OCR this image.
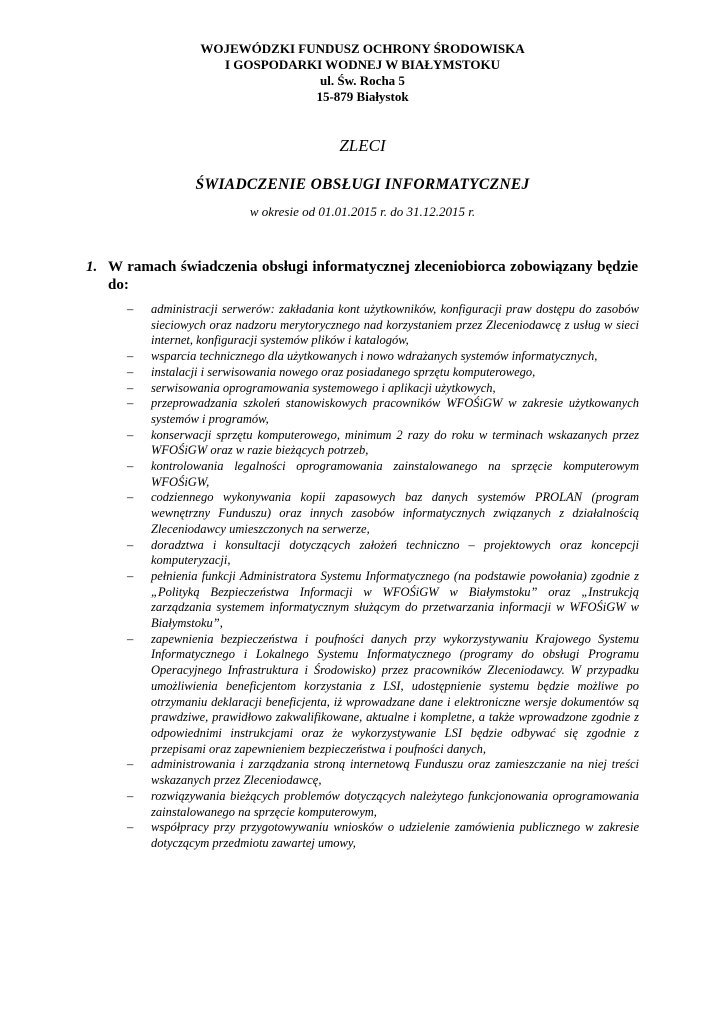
WOJEWÓDZKI FUNDUSZ OCHRONY ŚRODOWISKA
I GOSPODARKI WODNEJ W BIAŁYMSTOKU
ul. Św. Rocha 5
15-879 Białystok
ZLECI
ŚWIADCZENIE OBSŁUGI INFORMATYCZNEJ
w okresie od 01.01.2015 r. do 31.12.2015 r.
1. W ramach świadczenia obsługi informatycznej zleceniobiorca zobowiązany będzie do:
– administracji serwerów: zakładania kont użytkowników, konfiguracji praw dostępu do zasobów sieciowych oraz nadzoru merytorycznego nad korzystaniem przez Zleceniodawcę z usług w sieci internet, konfiguracji systemów plików i katalogów,
– wsparcia technicznego dla użytkowanych i nowo wdrażanych systemów informatycznych,
– instalacji i serwisowania nowego oraz posiadanego sprzętu komputerowego,
– serwisowania oprogramowania systemowego i aplikacji użytkowych,
– przeprowadzania szkoleń stanowiskowych pracowników WFOŚiGW w zakresie użytkowanych systemów i programów,
– konserwacji sprzętu komputerowego, minimum 2 razy do roku w terminach wskazanych przez WFOŚiGW oraz w razie bieżących potrzeb,
– kontrolowania legalności oprogramowania zainstalowanego na sprzęcie komputerowym WFOŚiGW,
– codziennego wykonywania kopii zapasowych baz danych systemów PROLAN (program wewnętrzny Funduszu) oraz innych zasobów informatycznych związanych z działalnością Zleceniodawcy umieszczonych na serwerze,
– doradztwa i konsultacji dotyczących założeń techniczno – projektowych oraz koncepcji komputeryzacji,
– pełnienia funkcji Administratora Systemu Informatycznego (na podstawie powołania) zgodnie z „Polityką Bezpieczeństwa Informacji w WFOŚiGW w Białymstoku” oraz „Instrukcją zarządzania systemem informatycznym służącym do przetwarzania informacji w WFOŚiGW w Białymstoku”,
– zapewnienia bezpieczeństwa i poufności danych przy wykorzystywaniu Krajowego Systemu Informatycznego i Lokalnego Systemu Informatycznego (programy do obsługi Programu Operacyjnego Infrastruktura i Środowisko) przez pracowników Zleceniodawcy. W przypadku umożliwienia beneficjentom korzystania z LSI, udostępnienie systemu będzie możliwe po otrzymaniu deklaracji beneficjenta, iż wprowadzane dane i elektroniczne wersje dokumentów są prawdziwe, prawidłowo zakwalifikowane, aktualne i kompletne, a także wprowadzone zgodnie z odpowiednimi instrukcjami oraz że wykorzystywanie LSI będzie odbywać się zgodnie z przepisami oraz zapewnieniem bezpieczeństwa i poufności danych,
– administrowania i zarządzania stroną internetową Funduszu oraz zamieszczanie na niej treści wskazanych przez Zleceniodawcę,
– rozwiązywania bieżących problemów dotyczących należytego funkcjonowania oprogramowania zainstalowanego na sprzęcie komputerowym,
– współpracy przy przygotowywaniu wniosków o udzielenie zamówienia publicznego w zakresie dotyczącym przedmiotu zawartej umowy,
